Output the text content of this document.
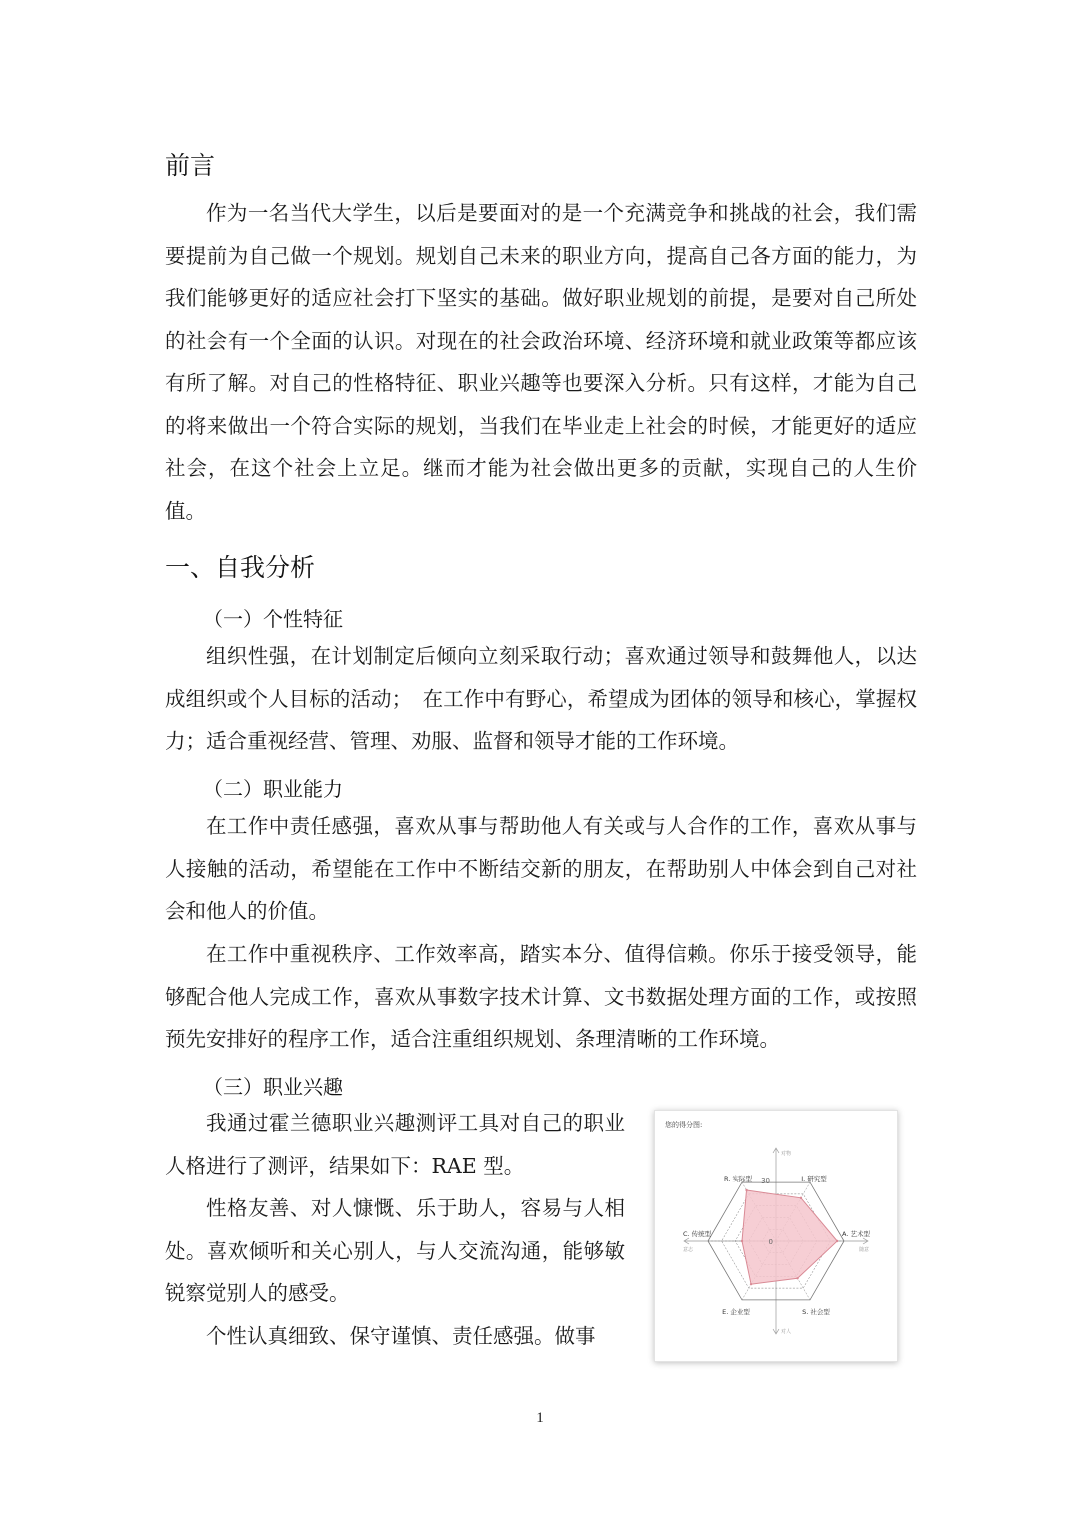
前言

作为一名当代大学生，以后是要面对的是一个充满竞争和挑战的社会，我们需要提前为自己做一个规划。规划自己未来的职业方向，提高自己各方面的能力，为我们能够更好的适应社会打下坚实的基础。做好职业规划的前提，是要对自己所处的社会有一个全面的认识。对现在的社会政治环境、经济环境和就业政策等都应该有所了解。对自己的性格特征、职业兴趣等也要深入分析。只有这样，才能为自己的将来做出一个符合实际的规划，当我们在毕业走上社会的时候，才能更好的适应社会，在这个社会上立足。继而才能为社会做出更多的贡献，实现自己的人生价值。

一、自我分析
（一）个性特征

组织性强，在计划制定后倾向立刻采取行动；喜欢通过领导和鼓舞他人，以达成组织或个人目标的活动；　在工作中有野心，希望成为团体的领导和核心，掌握权力；适合重视经营、管理、劝服、监督和领导才能的工作环境。

（二）职业能力

在工作中责任感强，喜欢从事与帮助他人有关或与人合作的工作，喜欢从事与人接触的活动，希望能在工作中不断结交新的朋友，在帮助别人中体会到自己对社会和他人的价值。

在工作中重视秩序、工作效率高，踏实本分、值得信赖。你乐于接受领导，能够配合他人完成工作，喜欢从事数字技术计算、文书数据处理方面的工作，或按照预先安排好的程序工作，适合注重组织规划、条理清晰的工作环境。

（三）职业兴趣

我通过霍兰德职业兴趣测评工具对自己的职业人格进行了测评，结果如下：RAE 型。

性格友善、对人慷慨、乐于助人，容易与人相处。喜欢倾听和关心别人，与人交流沟通，能够敏锐察觉别人的感受。

个性认真细致、保守谨慎、责任感强。做事

您的得分图:
30
0
R. 实际型	I. 研究型
A. 艺术型
S. 社会型
E. 企业型
C. 传统型
对物
随意
对人
意志
1
